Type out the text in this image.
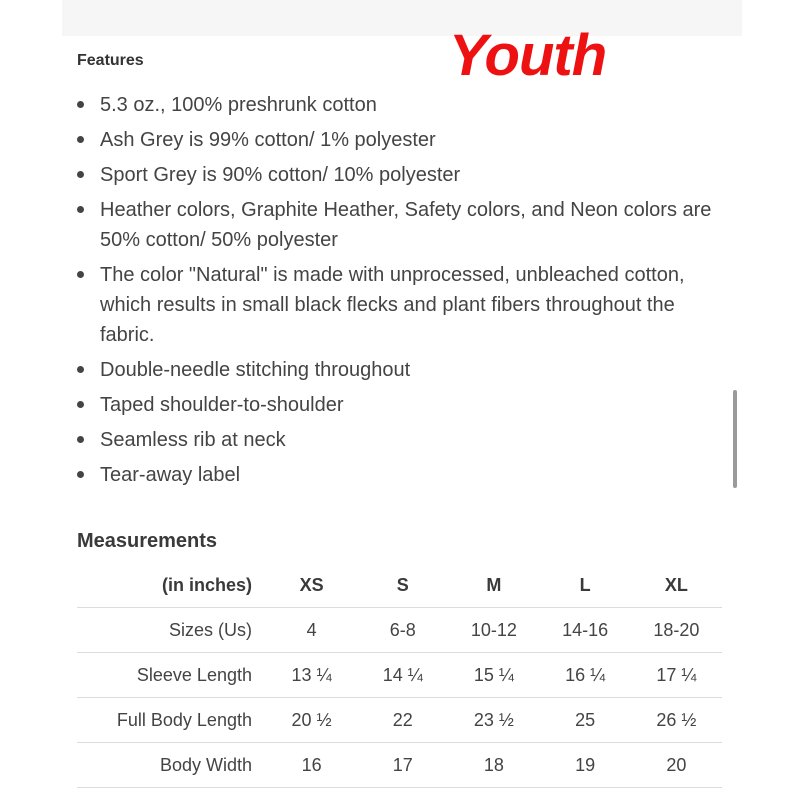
Features	Youth
5.3 oz., 100% preshrunk cotton
Ash Grey is 99% cotton/ 1% polyester
Sport Grey is 90% cotton/ 10% polyester
Heather colors, Graphite Heather, Safety colors, and Neon colors are 50% cotton/ 50% polyester
The color "Natural" is made with unprocessed, unbleached cotton, which results in small black flecks and plant fibers throughout the fabric.
Double-needle stitching throughout
Taped shoulder-to-shoulder
Seamless rib at neck
Tear-away label
Measurements
(in inches)	XS	S	M	L	XL
Sizes (Us)	4	6-8	10-12	14-16	18-20
Sleeve Length	13 ¼	14 ¼	15 ¼	16 ¼	17 ¼
Full Body Length	20 ½	22	23 ½	25	26 ½
Body Width	16	17	18	19	20
